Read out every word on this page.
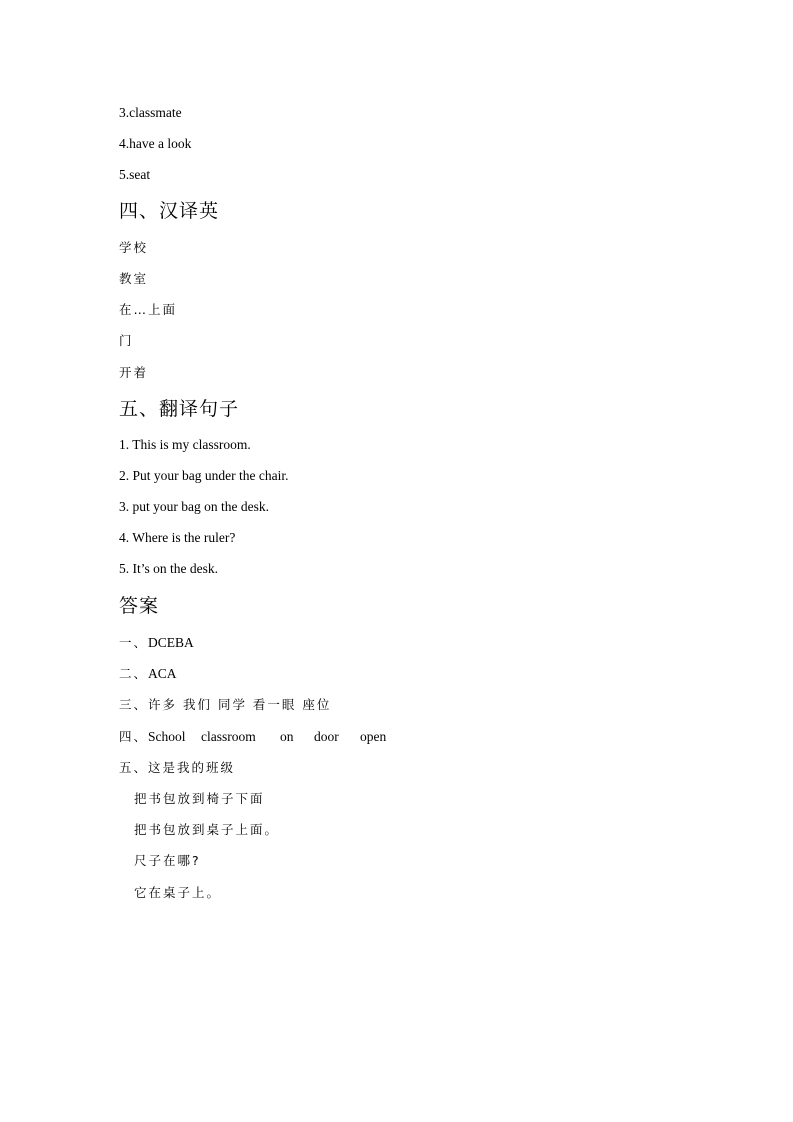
3.classmate
4.have a look
5.seat
四、汉译英
学校
教室
在…上面
门
开着
五、翻译句子
1. This is my classroom.
2. Put your bag under the chair.
3. put your bag on the desk.
4. Where is the ruler?
5. It’s on the desk.
答案
一、DCEBA
二、ACA
三、许多 我们 同学 看一眼 座位
四、School classroom on door open
五、这是我的班级
把书包放到椅子下面
把书包放到桌子上面。
尺子在哪?
它在桌子上。
